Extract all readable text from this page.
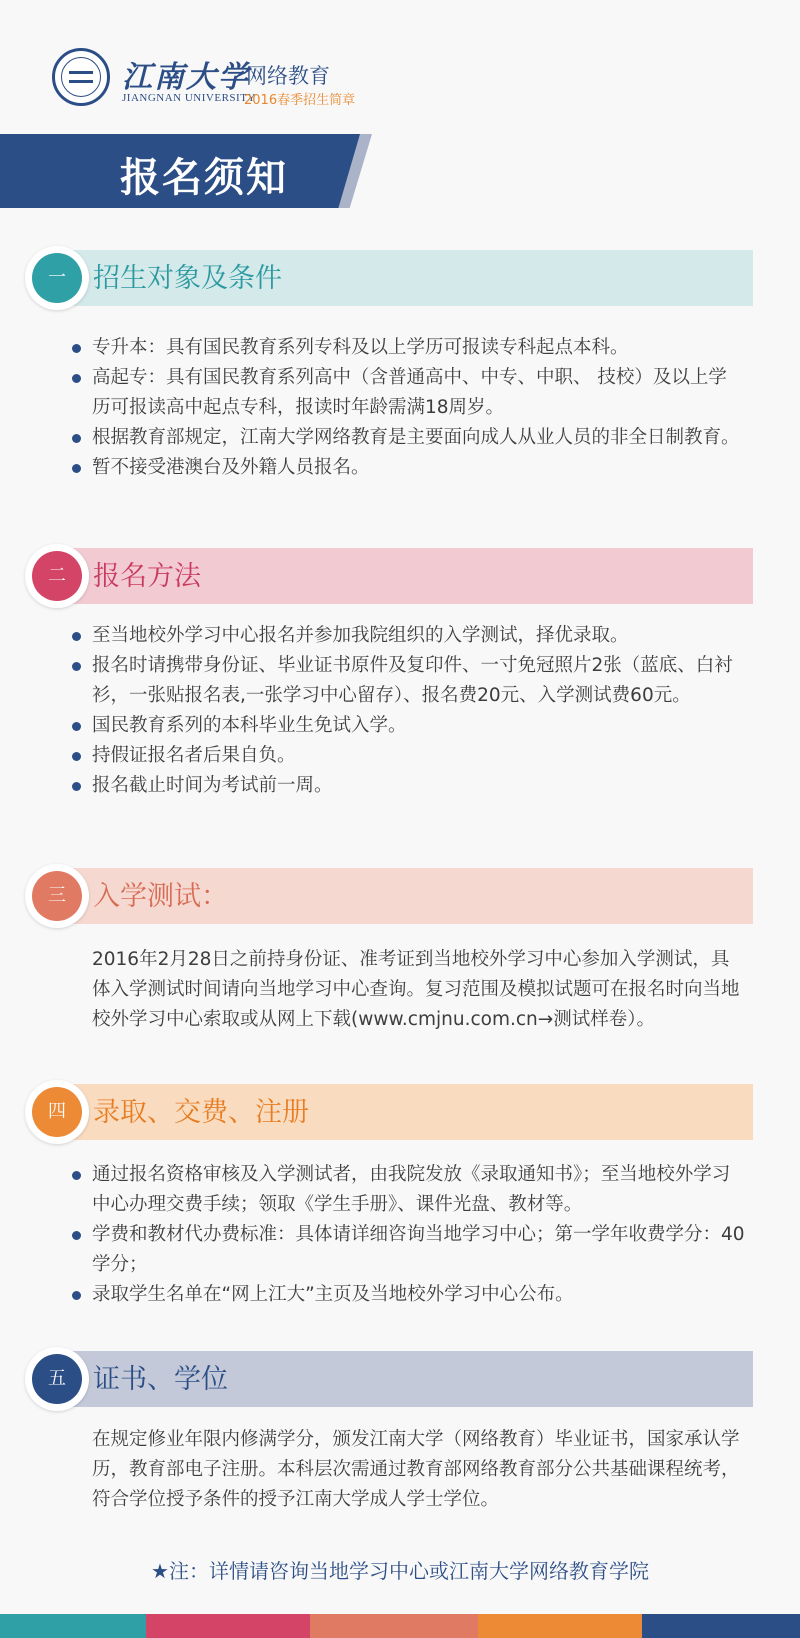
江南大学
JIANGNAN UNIVERSITY
网络教育
2016春季招生简章
报名须知
一	招生对象及条件
专升本：具有国民教育系列专科及以上学历可报读专科起点本科。
高起专：具有国民教育系列高中（含普通高中、中专、中职、 技校）及以上学历可报读高中起点专科，报读时年龄需满18周岁。
根据教育部规定，江南大学网络教育是主要面向成人从业人员的非全日制教育。
暂不接受港澳台及外籍人员报名。
二	报名方法
至当地校外学习中心报名并参加我院组织的入学测试，择优录取。
报名时请携带身份证、毕业证书原件及复印件、一寸免冠照片2张（蓝底、白衬衫，一张贴报名表,一张学习中心留存）、报名费20元、入学测试费60元。
国民教育系列的本科毕业生免试入学。
持假证报名者后果自负。
报名截止时间为考试前一周。
三	入学测试：
2016年2月28日之前持身份证、准考证到当地校外学习中心参加入学测试，具体入学测试时间请向当地学习中心查询。复习范围及模拟试题可在报名时向当地校外学习中心索取或从网上下载(www.cmjnu.com.cn→测试样卷）。
四	录取、交费、注册
通过报名资格审核及入学测试者，由我院发放《录取通知书》；至当地校外学习中心办理交费手续；领取《学生手册》、课件光盘、教材等。
学费和教材代办费标准：具体请详细咨询当地学习中心；第一学年收费学分：40学分；
录取学生名单在“网上江大”主页及当地校外学习中心公布。
五	证书、学位
在规定修业年限内修满学分，颁发江南大学（网络教育）毕业证书，国家承认学历，教育部电子注册。本科层次需通过教育部网络教育部分公共基础课程统考，符合学位授予条件的授予江南大学成人学士学位。
★注：详情请咨询当地学习中心或江南大学网络教育学院
